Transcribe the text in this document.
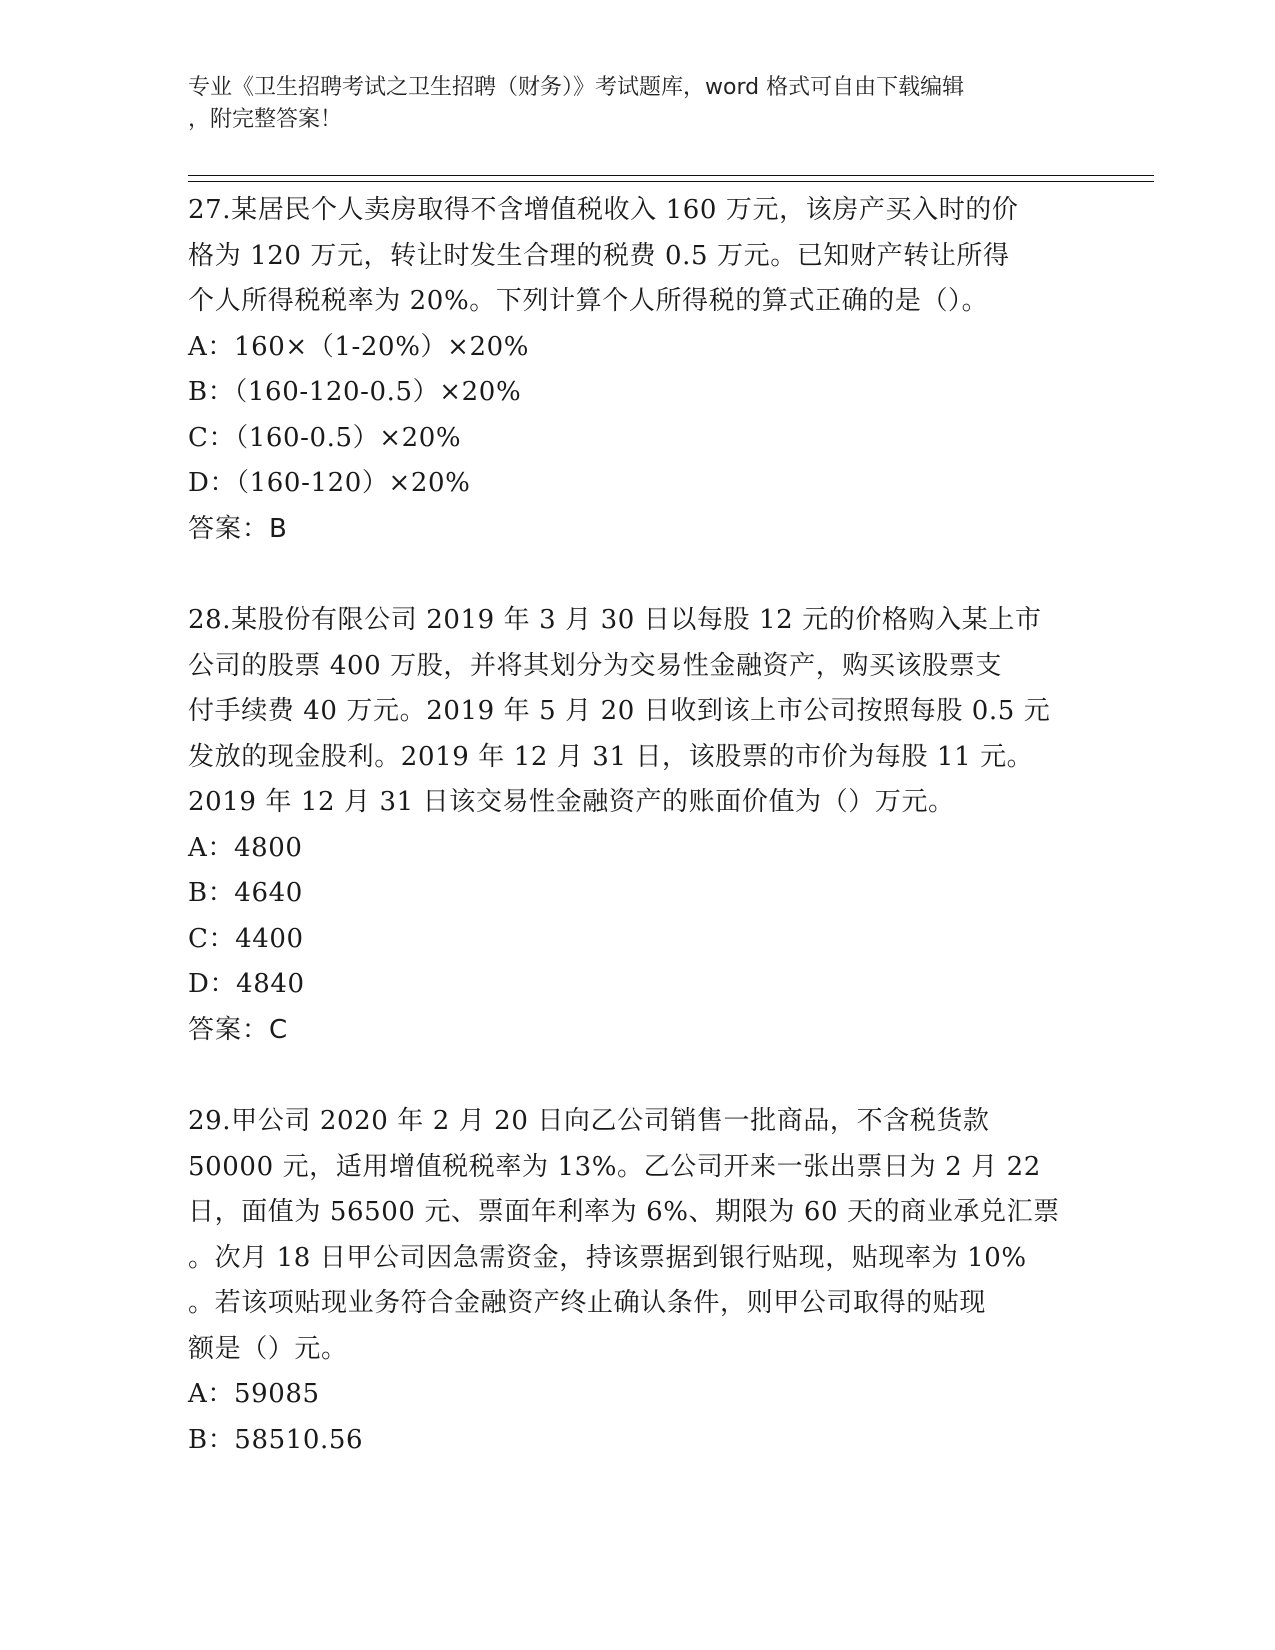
专业《卫生招聘考试之卫生招聘（财务）》考试题库，word 格式可自由下载编辑
，附完整答案！
27.某居民个人卖房取得不含增值税收入 160 万元，该房产买入时的价
格为 120 万元，转让时发生合理的税费 0.5 万元。已知财产转让所得
个人所得税税率为 20%。下列计算个人所得税的算式正确的是（）。
A：160×（1-20%）×20%
B：（160-120-0.5）×20%
C：（160-0.5）×20%
D：（160-120）×20%
答案：B
28.某股份有限公司 2019 年 3 月 30 日以每股 12 元的价格购入某上市
公司的股票 400 万股，并将其划分为交易性金融资产，购买该股票支
付手续费 40 万元。2019 年 5 月 20 日收到该上市公司按照每股 0.5 元
发放的现金股利。2019 年 12 月 31 日，该股票的市价为每股 11 元。
2019 年 12 月 31 日该交易性金融资产的账面价值为（）万元。
A：4800
B：4640
C：4400
D：4840
答案：C
29.甲公司 2020 年 2 月 20 日向乙公司销售一批商品，不含税货款
50000 元，适用增值税税率为 13%。乙公司开来一张出票日为 2 月 22
日，面值为 56500 元、票面年利率为 6%、期限为 60 天的商业承兑汇票
。次月 18 日甲公司因急需资金，持该票据到银行贴现，贴现率为 10%
。若该项贴现业务符合金融资产终止确认条件，则甲公司取得的贴现
额是（）元。
A：59085
B：58510.56
